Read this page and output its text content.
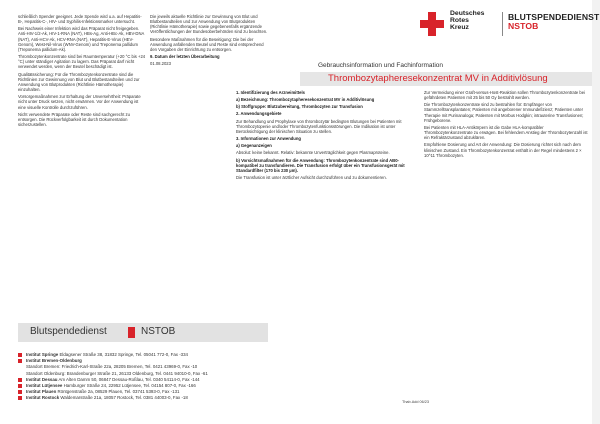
schließlich Spender geeignet. Jede Spende wird u.a. auf Hepatitis-B-, Hepatitis-C-, HIV- und Syphilis-Infektionsmarker untersucht.

Bei Nachweis einer Infektion wird das Präparat nicht freigegeben. Anti-HIV-1/2-Ak, HIV-1-RNA (NAT), HBs-Ag, Anti-HBc-Ak, HBV-DNA (NAT), Anti-HCV-Ak, HCV-RNA (NAT), Hepatitis-E-Virus (HEV-Genom), West-Nil-Virus (WNV-Genom) und Treponema pallidum (Treponema pallidum-Ak).

Thrombozytenkonzentrate sind bei Raumtemperatur (+20 °C bis +24 °C) unter ständiger Agitation zu lagern. Das Präparat darf nicht verwendet werden, wenn der Beutel beschädigt ist.

Qualitätssicherung: Für die Thrombozytenkonzentrate sind die Richtlinien zur Gewinnung von Blut und Blutbestandteilen und zur Anwendung von Blutprodukten (Richtlinie Hämotherapie) einzuhalten.

Vorsorgemaßnahmen zur Erhaltung der Unversehrtheit: Präparate nicht unter Druck setzen, nicht erwärmen. Vor der Anwendung ist eine visuelle Kontrolle durchzuführen.

Nicht verwendete Präparate oder Reste sind sachgerecht zu entsorgen. Die Rückverfolgbarkeit ist durch Dokumentation sicherzustellen.

Die jeweils aktuelle Richtlinie zur Gewinnung von Blut und Blutbestandteilen und zur Anwendung von Blutprodukten (Richtlinie Hämotherapie) sowie gegebenenfalls ergänzende Veröffentlichungen der Bundesoberbehörden sind zu beachten.

Besondere Maßnahmen für die Beseitigung: Die bei der Anwendung anfallenden Beutel und Reste sind entsprechend den Vorgaben der Einrichtung zu entsorgen.

9. Datum der letzten Überarbeitung

01.08.2023

Deutsches
Rotes
Kreuz
BLUTSPENDEDIENST
NSTOB
Gebrauchsinformation und Fachinformation
Thrombozytapheresekonzentrat MV in Additivlösung

1. Identifizierung des Arzneimittels

a) Bezeichnung: Thrombozytapheresekonzentrat MV in Additivlösung

b) Stoffgruppe: Blutzubereitung, Thrombozyten zur Transfusion

2. Anwendungsgebiete

Zur Behandlung und Prophylaxe von thrombozytär bedingten Blutungen bei Patienten mit Thrombozytopenie und/oder Thrombozytenfunktionsstörungen. Die Indikation ist unter Berücksichtigung der klinischen Situation zu stellen.

3. Informationen zur Anwendung

a) Gegenanzeigen

Absolut: keine bekannt. Relativ: bekannte Unverträglichkeit gegen Plasmaproteine.

b) Vorsichtsmaßnahmen für die Anwendung: Thrombozytenkonzentrate sind AB0-kompatibel zu transfundieren. Die Transfusion erfolgt über ein Transfusionsgerät mit Standardfilter (170 bis 230 µm).

Die Transfusion ist unter ärztlicher Aufsicht durchzuführen und zu dokumentieren.

Zur Vermeidung einer Graft-versus-Host-Reaktion sollen Thrombozytenkonzentrate bei gefährdeten Patienten mit 25 bis 50 Gy bestrahlt werden.

Die Thrombozytenkonzentrate sind zu bestrahlen für: Empfänger von Stammzelltransplantaten; Patienten mit angeborener Immundefizienz; Patienten unter Therapie mit Purinanaloga; Patienten mit Morbus Hodgkin; intrauterine Transfusionen; Frühgeborene.

Bei Patienten mit HLA-Antikörpern ist die Gabe HLA-kompatibler Thrombozytenkonzentrate zu erwägen. Bei fehlendem Anstieg der Thrombozytenzahl ist ein Refraktärzustand abzuklären.

Empfohlene Dosierung und Art der Anwendung: Die Dosierung richtet sich nach dem klinischen Zustand. Ein Thrombozytenkonzentrat enthält in der Regel mindestens 2 × 10^11 Thrombozyten.

Blutspendedienst	NSTOB
Institut Springe Eldagsener Straße 38, 31832 Springe, Tel. 05041 772-0, Fax -334
Institut Bremen-Oldenburg
Standort Bremen: Friedrich-Karl-Straße 22a, 28205 Bremen, Tel. 0421 43969-0, Fax -10
Standort Oldenburg: Brandenburger Straße 21, 26133 Oldenburg, Tel. 0441 94010-0, Fax -61
Institut Dessau Am Alten Damm 50, 06847 Dessau-Roßlau, Tel. 0340 54114-0, Fax -144
Institut Lütjensee Hamburger Straße 24, 22952 Lütjensee, Tel. 04154 807-0, Fax -166
Institut Plauen Röntgenstraße 2a, 08529 Plauen, Tel. 03741 5393-0, Fax -131
Institut Rostock Waldemarstraße 21a, 18057 Rostock, Tel. 0381 44003-0, Fax -18
Thab.Add 06/23
